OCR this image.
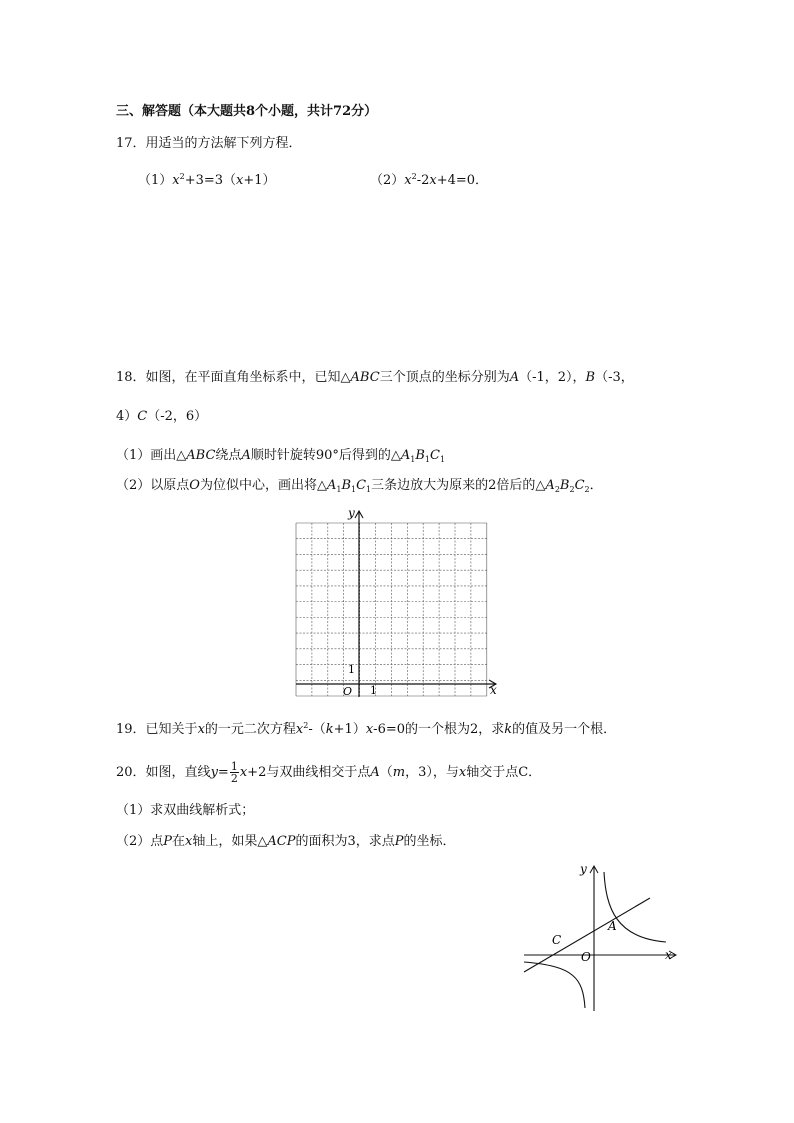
三、解答题（本大题共8个小题，共计72分）
17．用适当的方法解下列方程．
$(1)x^2+3=3(x+1)$	$(2)x^2-2x+4=0$．
18．如图，在平面直角坐标系中，已知△ABC三个顶点的坐标分别为A（-1，2），B（-3，
4）C（-2，6）
（1）画出△ABC绕点A顺时针旋转90°后得到的$\triangle A_1B_1C_1$
（2）以原点O为位似中心，画出将$\triangle A_1B_1C_1$三条边放大为原来的2倍后的$\triangle A_2B_2C_2$．
y
x
O 1
1
19．已知关于x的一元二次方程$x^2-(k+1)x-6=0$的一个根为2，求k的值及另一个根．
20．如图，直线$y= \frac{1}{2} x+2$与双曲线相交于点A（m，3），与x轴交于点C．
（1）求双曲线解析式；
（2）点P在x轴上，如果△ACP的面积为3，求点P的坐标．
y
x
O
C
A
